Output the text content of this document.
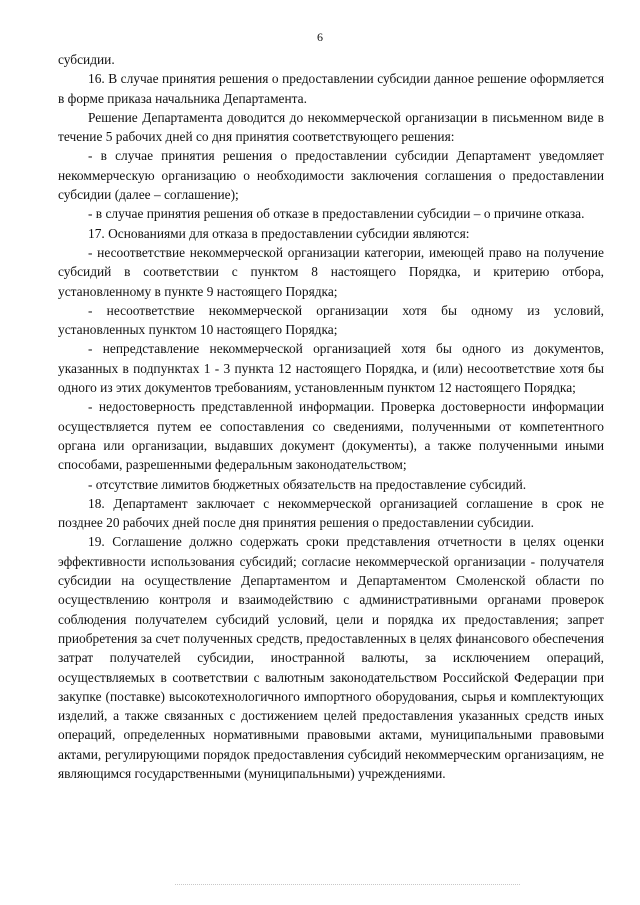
6

субсидии.

16. В случае принятия решения о предоставлении субсидии данное решение оформляется в форме приказа начальника Департамента.

Решение Департамента доводится до некоммерческой организации в письменном виде в течение 5 рабочих дней со дня принятия соответствующего решения:

- в случае принятия решения о предоставлении субсидии Департамент уведомляет некоммерческую организацию о необходимости заключения соглашения о предоставлении субсидии (далее – соглашение);

- в случае принятия решения об отказе в предоставлении субсидии – о причине отказа.

17. Основаниями для отказа в предоставлении субсидии являются:

- несоответствие некоммерческой организации категории, имеющей право на получение субсидий в соответствии с пунктом 8 настоящего Порядка, и критерию отбора, установленному в пункте 9 настоящего Порядка;

- несоответствие некоммерческой организации хотя бы одному из условий, установленных пунктом 10 настоящего Порядка;

- непредставление некоммерческой организацией хотя бы одного из документов, указанных в подпунктах 1 - 3 пункта 12 настоящего Порядка, и (или) несоответствие хотя бы одного из этих документов требованиям, установленным пунктом 12 настоящего Порядка;

- недостоверность представленной информации. Проверка достоверности информации осуществляется путем ее сопоставления со сведениями, полученными от компетентного органа или организации, выдавших документ (документы), а также полученными иными способами, разрешенными федеральным законодательством;

- отсутствие лимитов бюджетных обязательств на предоставление субсидий.

18. Департамент заключает с некоммерческой организацией соглашение в срок не позднее 20 рабочих дней после дня принятия решения о предоставлении субсидии.

19. Соглашение должно содержать сроки представления отчетности в целях оценки эффективности использования субсидий; согласие некоммерческой организации - получателя субсидии на осуществление Департаментом и Департаментом Смоленской области по осуществлению контроля и взаимодействию с административными органами проверок соблюдения получателем субсидий условий, цели и порядка их предоставления; запрет приобретения за счет полученных средств, предоставленных в целях финансового обеспечения затрат получателей субсидии, иностранной валюты, за исключением операций, осуществляемых в соответствии с валютным законодательством Российской Федерации при закупке (поставке) высокотехнологичного импортного оборудования, сырья и комплектующих изделий, а также связанных с достижением целей предоставления указанных средств иных операций, определенных нормативными правовыми актами, муниципальными правовыми актами, регулирующими порядок предоставления субсидий некоммерческим организациям, не являющимся государственными (муниципальными) учреждениями.
